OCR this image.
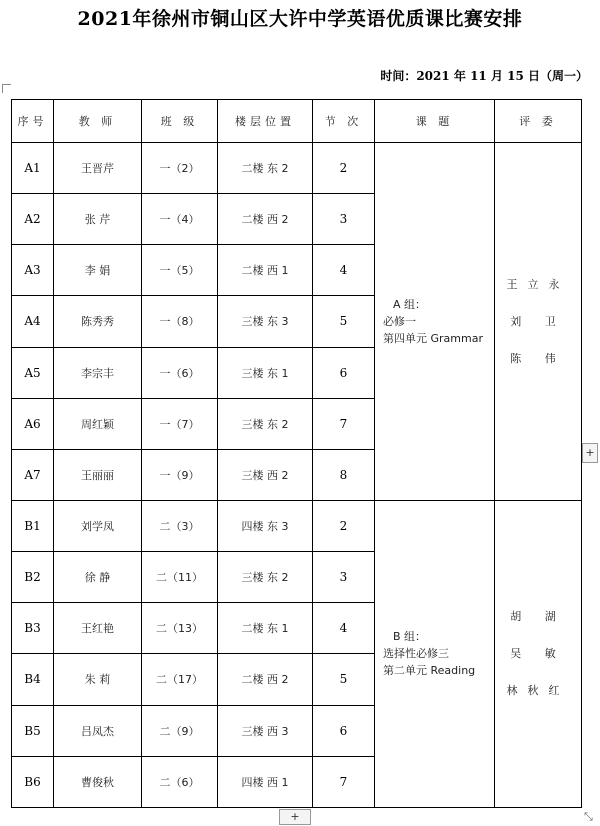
2021年徐州市铜山区大许中学英语优质课比赛安排
时间：2021 年 11 月 15 日（周一）
序号	教 师	班 级	楼层位置	节 次	课 题	评 委
A1	王晋芹	一（2）	二楼 东 2	2	A 组：
必修一
第四单元 Grammar	王立永
刘 卫
陈 伟

A2	张 芹	一（4）	二楼 西 2	3		
A3	李 娟	一（5）	二楼 西 1	4		
A4	陈秀秀	一（8）	三楼 东 3	5		
A5	李宗丰	一（6）	三楼 东 1	6		
A6	周红颖	一（7）	三楼 东 2	7		
A7	王丽丽	一（9）	三楼 西 2	8		
B1	刘学凤	二（3）	四楼 东 3	2	B 组：
选择性必修三
第二单元 Reading	胡 湖
吴 敏
林秋红

B2	徐 静	二（11）	三楼 东 2	3		
B3	王红艳	二（13）	二楼 东 1	4		
B4	朱 莉	二（17）	二楼 西 2	5		
B5	吕凤杰	二（9）	三楼 西 3	6		
B6	曹俊秋	二（6）	四楼 西 1	7		
+
+	⤡
